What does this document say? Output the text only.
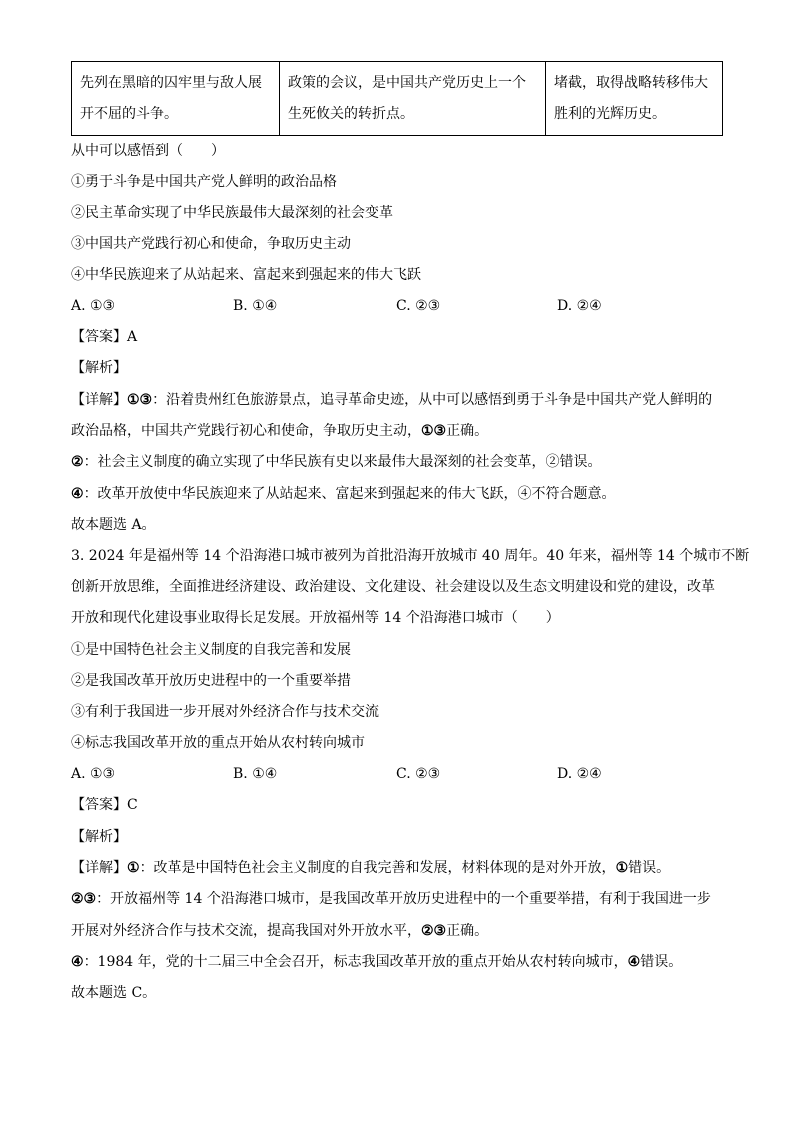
先列在黑暗的囚牢里与敌人展开不屈的斗争。	政策的会议，是中国共产党历史上一个生死攸关的转折点。	堵截，取得战略转移伟大胜利的光辉历史。
从中可以感悟到（　　）
①勇于斗争是中国共产党人鲜明的政治品格
②民主革命实现了中华民族最伟大最深刻的社会变革
③中国共产党践行初心和使命，争取历史主动
④中华民族迎来了从站起来、富起来到强起来的伟大飞跃
A. ①③	B. ①④	C. ②③	D. ②④
【答案】A
【解析】
【详解】①③：沿着贵州红色旅游景点，追寻革命史迹，从中可以感悟到勇于斗争是中国共产党人鲜明的
政治品格，中国共产党践行初心和使命，争取历史主动，①③正确。
②：社会主义制度的确立实现了中华民族有史以来最伟大最深刻的社会变革，②错误。
④：改革开放使中华民族迎来了从站起来、富起来到强起来的伟大飞跃，④不符合题意。
故本题选 A。
3. 2024 年是福州等 14 个沿海港口城市被列为首批沿海开放城市 40 周年。40 年来，福州等 14 个城市不断
创新开放思维，全面推进经济建设、政治建设、文化建设、社会建设以及生态文明建设和党的建设，改革
开放和现代化建设事业取得长足发展。开放福州等 14 个沿海港口城市（　　）
①是中国特色社会主义制度的自我完善和发展
②是我国改革开放历史进程中的一个重要举措
③有利于我国进一步开展对外经济合作与技术交流
④标志我国改革开放的重点开始从农村转向城市
A. ①③	B. ①④	C. ②③	D. ②④
【答案】C
【解析】
【详解】①：改革是中国特色社会主义制度的自我完善和发展，材料体现的是对外开放，①错误。
②③：开放福州等 14 个沿海港口城市，是我国改革开放历史进程中的一个重要举措，有利于我国进一步
开展对外经济合作与技术交流，提高我国对外开放水平，②③正确。
④：1984 年，党的十二届三中全会召开，标志我国改革开放的重点开始从农村转向城市，④错误。
故本题选 C。
